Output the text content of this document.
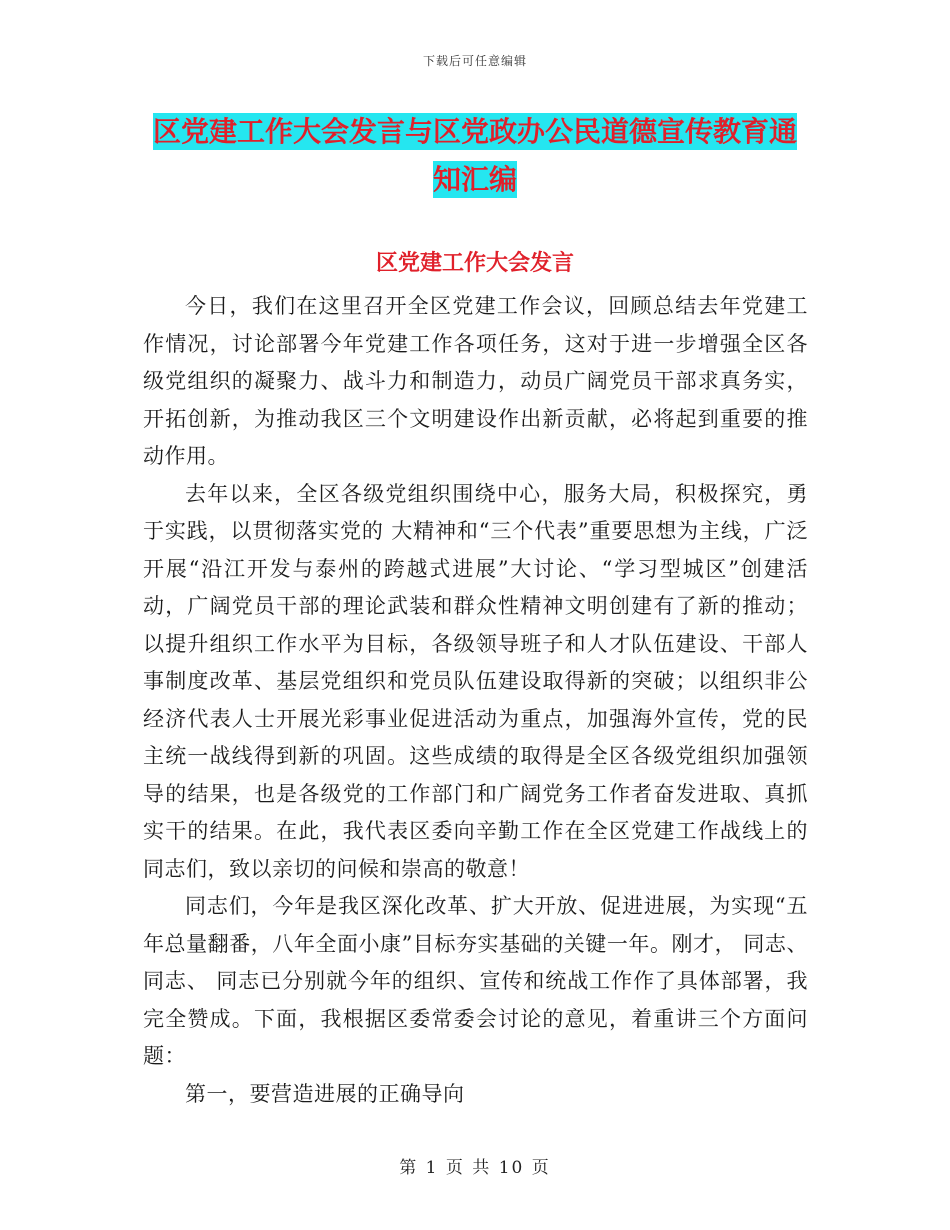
下载后可任意编辑
区党建工作大会发言与区党政办公民道德宣传教育通知汇编
区党建工作大会发言

今日，我们在这里召开全区党建工作会议，回顾总结去年党建工作情况，讨论部署今年党建工作各项任务，这对于进一步增强全区各级党组织的凝聚力、战斗力和制造力，动员广阔党员干部求真务实，开拓创新，为推动我区三个文明建设作出新贡献，必将起到重要的推动作用。

去年以来，全区各级党组织围绕中心，服务大局，积极探究，勇于实践，以贯彻落实党的 大精神和“三个代表”重要思想为主线，广泛开展“沿江开发与泰州的跨越式进展”大讨论、“学习型城区”创建活动，广阔党员干部的理论武装和群众性精神文明创建有了新的推动；以提升组织工作水平为目标，各级领导班子和人才队伍建设、干部人事制度改革、基层党组织和党员队伍建设取得新的突破；以组织非公经济代表人士开展光彩事业促进活动为重点，加强海外宣传，党的民主统一战线得到新的巩固。这些成绩的取得是全区各级党组织加强领导的结果，也是各级党的工作部门和广阔党务工作者奋发进取、真抓实干的结果。在此，我代表区委向辛勤工作在全区党建工作战线上的同志们，致以亲切的问候和崇高的敬意！

同志们，今年是我区深化改革、扩大开放、促进进展，为实现“五年总量翻番，八年全面小康”目标夯实基础的关键一年。刚才， 同志、 同志、 同志已分别就今年的组织、宣传和统战工作作了具体部署，我完全赞成。下面，我根据区委常委会讨论的意见，着重讲三个方面问题：

第一，要营造进展的正确导向

第 1 页 共 10 页
